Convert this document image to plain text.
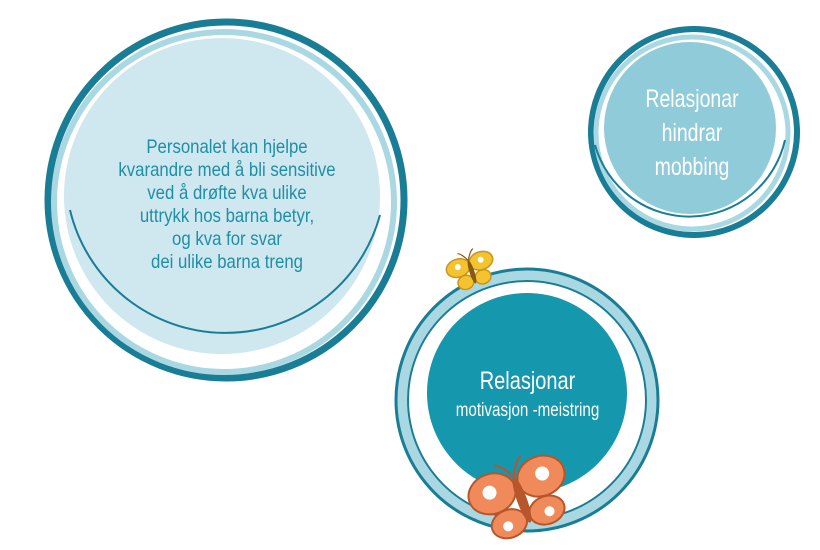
Personalet kan hjelpe
kvarandre med å bli sensitive
ved å drøfte kva ulike
uttrykk hos barna betyr,
og kva for svar
dei ulike barna treng
Relasjonar
hindrar
mobbing
Relasjonar
motivasjon -meistring
